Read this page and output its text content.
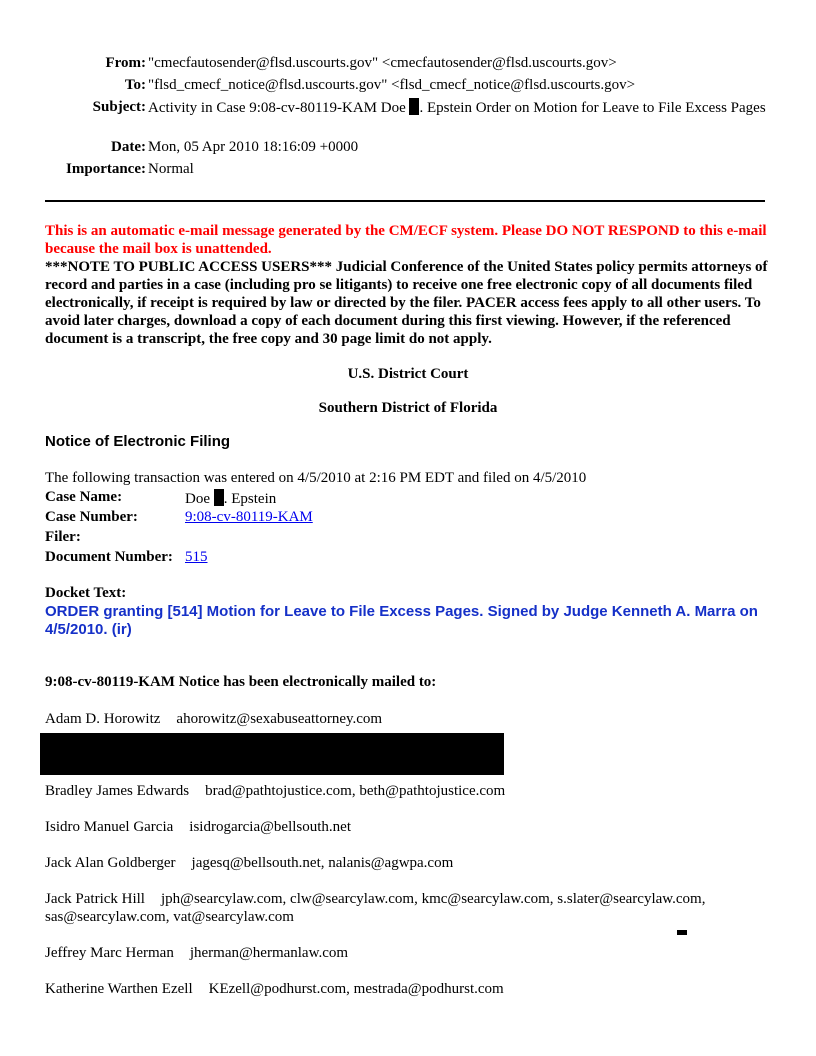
From: "cmecfautosender@flsd.uscourts.gov" <cmecfautosender@flsd.uscourts.gov>
To: "flsd_cmecf_notice@flsd.uscourts.gov" <flsd_cmecf_notice@flsd.uscourts.gov>
Subject: Activity in Case 9:08-cv-80119-KAM Doe . Epstein Order on Motion for Leave to File Excess Pages
Date: Mon, 05 Apr 2010 18:16:09 +0000
Importance: Normal
This is an automatic e-mail message generated by the CM/ECF system. Please DO NOT RESPOND to this e-mail because the mail box is unattended.
***NOTE TO PUBLIC ACCESS USERS*** Judicial Conference of the United States policy permits attorneys of record and parties in a case (including pro se litigants) to receive one free electronic copy of all documents filed electronically, if receipt is required by law or directed by the filer. PACER access fees apply to all other users. To avoid later charges, download a copy of each document during this first viewing. However, if the referenced document is a transcript, the free copy and 30 page limit do not apply.
U.S. District Court
Southern District of Florida
Notice of Electronic Filing
The following transaction was entered on 4/5/2010 at 2:16 PM EDT and filed on 4/5/2010
Case Name:	Doe . Epstein
Case Number:	9:08-cv-80119-KAM
Filer:
Document Number: 515
Docket Text:
ORDER granting [514] Motion for Leave to File Excess Pages. Signed by Judge Kenneth A. Marra on 4/5/2010. (ir)
9:08-cv-80119-KAM Notice has been electronically mailed to:
Adam D. Horowitz ahorowitz@sexabuseattorney.com
Bradley James Edwards brad@pathtojustice.com, beth@pathtojustice.com
Isidro Manuel Garcia isidrogarcia@bellsouth.net
Jack Alan Goldberger jagesq@bellsouth.net, nalanis@agwpa.com
Jack Patrick Hill jph@searcylaw.com, clw@searcylaw.com, kmc@searcylaw.com, s.slater@searcylaw.com, sas@searcylaw.com, vat@searcylaw.com
Jeffrey Marc Herman jherman@hermanlaw.com
Katherine Warthen Ezell KEzell@podhurst.com, mestrada@podhurst.com
